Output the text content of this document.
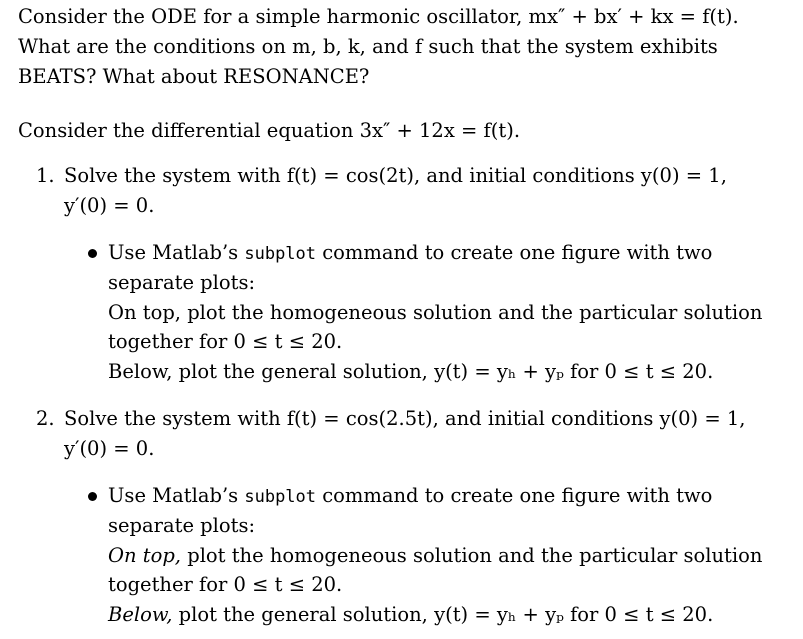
Consider the ODE for a simple harmonic oscillator, mx″ + bx′ + kx = f(t).
What are the conditions on m, b, k, and f such that the system exhibits
BEATS? What about RESONANCE?
Consider the differential equation 3x″ + 12x = f(t).
1. Solve the system with f(t) = cos(2t), and initial conditions y(0) = 1,
y′(0) = 0.
Use Matlab’s subplot command to create one figure with two
separate plots:
On top, plot the homogeneous solution and the particular solution
together for 0 ≤ t ≤ 20.
Below, plot the general solution, y(t) = yₕ + yₚ for 0 ≤ t ≤ 20.
2. Solve the system with f(t) = cos(2.5t), and initial conditions y(0) = 1,
y′(0) = 0.
Use Matlab’s subplot command to create one figure with two
separate plots:
On top, plot the homogeneous solution and the particular solution
together for 0 ≤ t ≤ 20.
Below, plot the general solution, y(t) = yₕ + yₚ for 0 ≤ t ≤ 20.
